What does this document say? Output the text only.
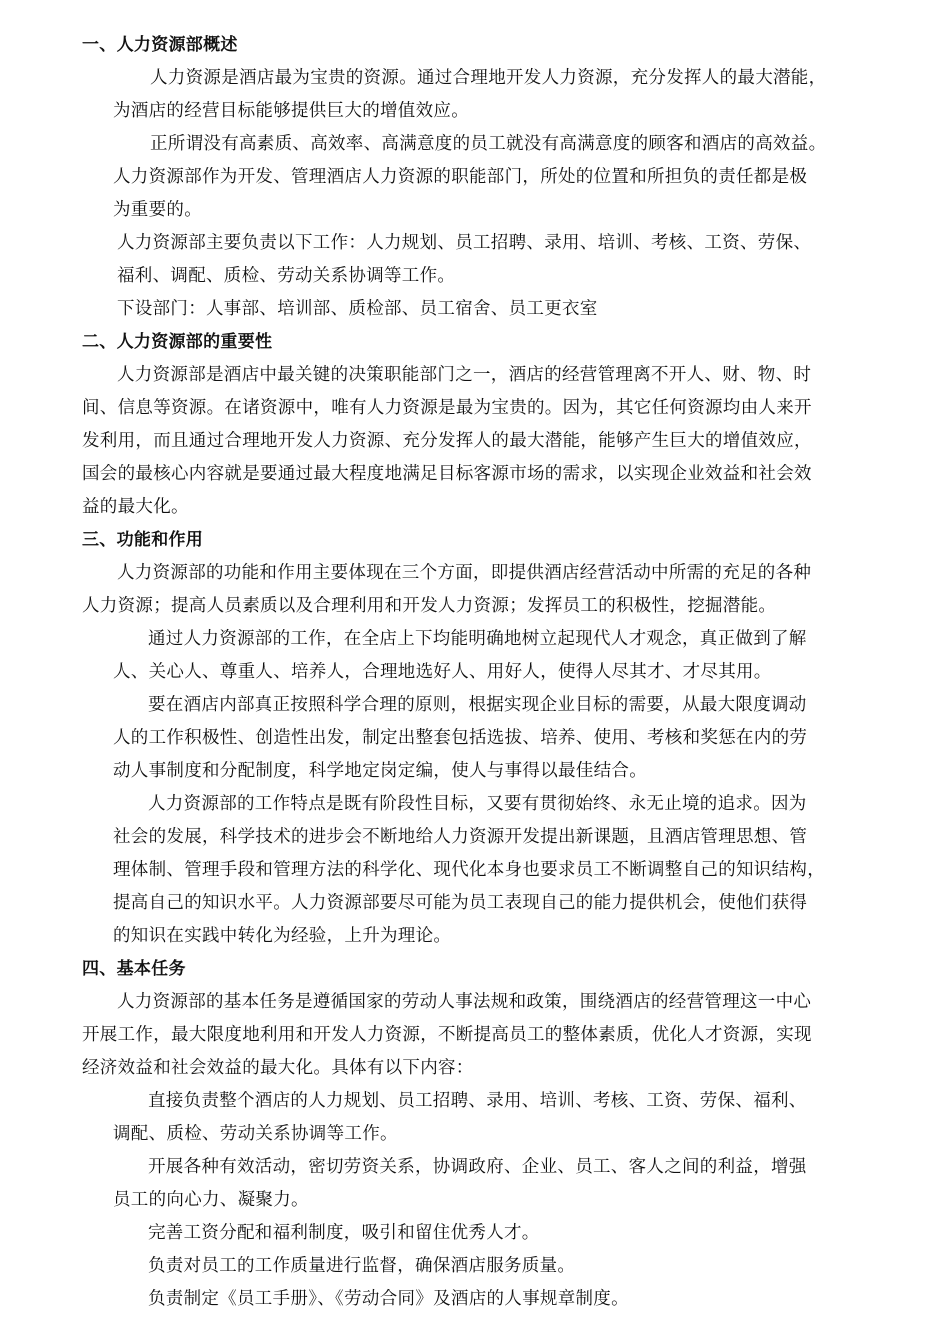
一、人力资源部概述
人力资源是酒店最为宝贵的资源。通过合理地开发人力资源，充分发挥人的最大潜能，
为酒店的经营目标能够提供巨大的增值效应。
正所谓没有高素质、高效率、高满意度的员工就没有高满意度的顾客和酒店的高效益。
人力资源部作为开发、管理酒店人力资源的职能部门，所处的位置和所担负的责任都是极
为重要的。
人力资源部主要负责以下工作：人力规划、员工招聘、录用、培训、考核、工资、劳保、
福利、调配、质检、劳动关系协调等工作。
下设部门：人事部、培训部、质检部、员工宿舍、员工更衣室
二、人力资源部的重要性
人力资源部是酒店中最关键的决策职能部门之一，酒店的经营管理离不开人、财、物、时
间、信息等资源。在诸资源中，唯有人力资源是最为宝贵的。因为，其它任何资源均由人来开
发利用，而且通过合理地开发人力资源、充分发挥人的最大潜能，能够产生巨大的增值效应，
国会的最核心内容就是要通过最大程度地满足目标客源市场的需求，以实现企业效益和社会效
益的最大化。
三、功能和作用
人力资源部的功能和作用主要体现在三个方面，即提供酒店经营活动中所需的充足的各种
人力资源；提高人员素质以及合理利用和开发人力资源；发挥员工的积极性，挖掘潜能。
通过人力资源部的工作，在全店上下均能明确地树立起现代人才观念，真正做到了解
人、关心人、尊重人、培养人，合理地选好人、用好人，使得人尽其才、才尽其用。
要在酒店内部真正按照科学合理的原则，根据实现企业目标的需要，从最大限度调动
人的工作积极性、创造性出发，制定出整套包括选拔、培养、使用、考核和奖惩在内的劳
动人事制度和分配制度，科学地定岗定编，使人与事得以最佳结合。
人力资源部的工作特点是既有阶段性目标，又要有贯彻始终、永无止境的追求。因为
社会的发展，科学技术的进步会不断地给人力资源开发提出新课题，且酒店管理思想、管
理体制、管理手段和管理方法的科学化、现代化本身也要求员工不断调整自己的知识结构，
提高自己的知识水平。人力资源部要尽可能为员工表现自己的能力提供机会，使他们获得
的知识在实践中转化为经验，上升为理论。
四、基本任务
人力资源部的基本任务是遵循国家的劳动人事法规和政策，围绕酒店的经营管理这一中心
开展工作，最大限度地利用和开发人力资源，不断提高员工的整体素质，优化人才资源，实现
经济效益和社会效益的最大化。具体有以下内容：
直接负责整个酒店的人力规划、员工招聘、录用、培训、考核、工资、劳保、福利、
调配、质检、劳动关系协调等工作。
开展各种有效活动，密切劳资关系，协调政府、企业、员工、客人之间的利益，增强
员工的向心力、凝聚力。
完善工资分配和福利制度，吸引和留住优秀人才。
负责对员工的工作质量进行监督，确保酒店服务质量。
负责制定《员工手册》、《劳动合同》及酒店的人事规章制度。
